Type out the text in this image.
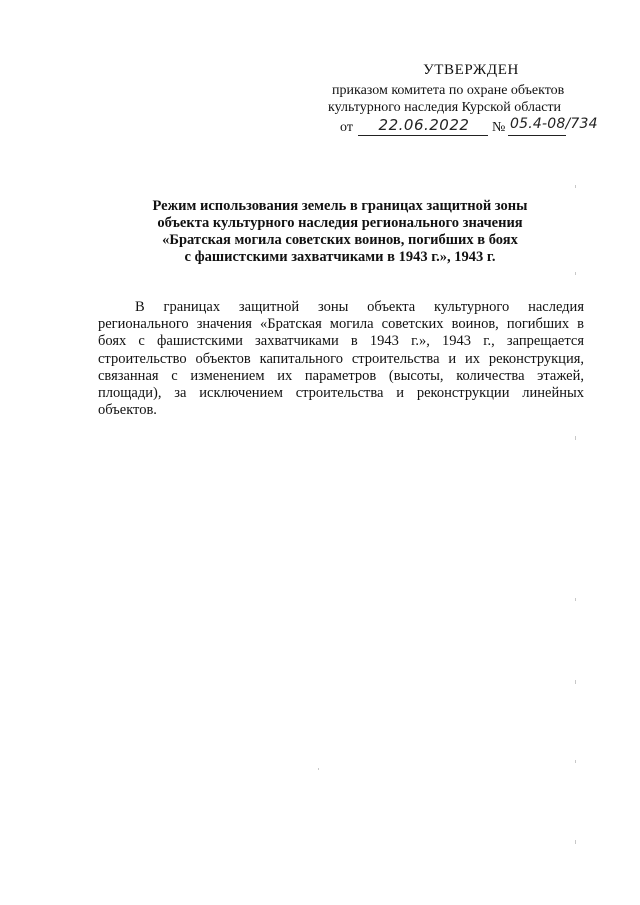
УТВЕРЖДЕН

приказом комитета по охране объектов

культурного наследия Курской области

от	22.06.2022	№ 05.4-08/734

Режим использования земель в границах защитной зоны

объекта культурного наследия регионального значения

«Братская могила советских воинов, погибших в боях

с фашистскими захватчиками в 1943 г.», 1943 г.

В границах защитной зоны объекта культурного наследия регионального значения «Братская могила советских воинов, погибших в боях с фашистскими захватчиками в 1943 г.», 1943 г., запрещается строительство объектов капитального строительства и их реконструкция, связанная с изменением их параметров (высоты, количества этажей, площади), за исключением строительства и реконструкции линейных объектов.
